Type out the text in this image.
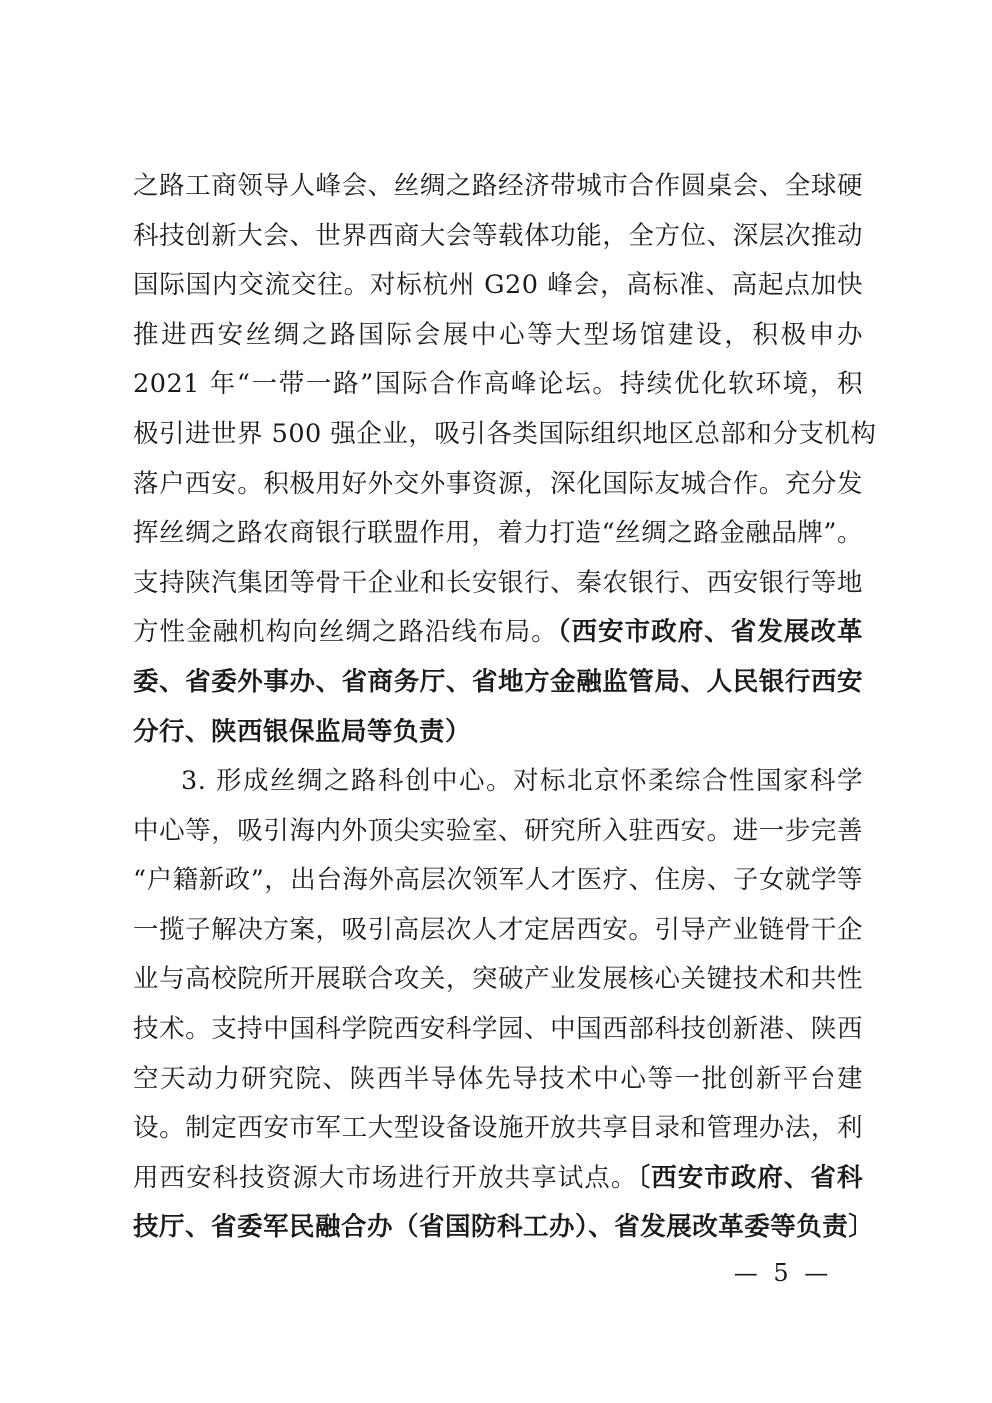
之路工商领导人峰会、丝绸之路经济带城市合作圆桌会、全球硬
科技创新大会、世界西商大会等载体功能，全方位、深层次推动
国际国内交流交往。对标杭州 G20 峰会，高标准、高起点加快
推进西安丝绸之路国际会展中心等大型场馆建设，积极申办
2021 年“一带一路”国际合作高峰论坛。持续优化软环境，积
极引进世界 500 强企业，吸引各类国际组织地区总部和分支机构
落户西安。积极用好外交外事资源，深化国际友城合作。充分发
挥丝绸之路农商银行联盟作用，着力打造“丝绸之路金融品牌”。
支持陕汽集团等骨干企业和长安银行、秦农银行、西安银行等地
方性金融机构向丝绸之路沿线布局。（西安市政府、省发展改革
委、省委外事办、省商务厅、省地方金融监管局、人民银行西安
分行、陕西银保监局等负责）
3. 形成丝绸之路科创中心。对标北京怀柔综合性国家科学
中心等，吸引海内外顶尖实验室、研究所入驻西安。进一步完善
“户籍新政”，出台海外高层次领军人才医疗、住房、子女就学等
一揽子解决方案，吸引高层次人才定居西安。引导产业链骨干企
业与高校院所开展联合攻关，突破产业发展核心关键技术和共性
技术。支持中国科学院西安科学园、中国西部科技创新港、陕西
空天动力研究院、陕西半导体先导技术中心等一批创新平台建
设。制定西安市军工大型设备设施开放共享目录和管理办法，利
用西安科技资源大市场进行开放共享试点。〔西安市政府、省科
技厅、省委军民融合办（省国防科工办）、省发展改革委等负责〕
— 5 —
